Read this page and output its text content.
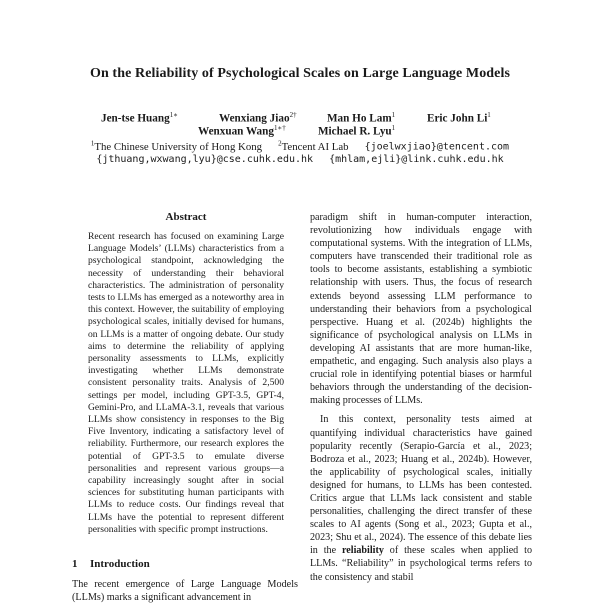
On the Reliability of Psychological Scales on Large Language Models
Jen-tse Huang$^{1∗}$	Wenxiang Jiao$^{2\dagger}$	Man Ho Lam$^1$	Eric John Li$^1$
Wenxuan Wang$^{1∗\dagger}$	Michael R. Lyu$^1$
$^1$The Chinese University of Hong Kong $^2$Tencent AI Lab {joelwxjiao}@tencent.com
{jthuang,wxwang,lyu}@cse.cuhk.edu.hk {mhlam,ejli}@link.cuhk.edu.hk
Abstract
Recent research has focused on examining Large Language Models’ (LLMs) characteristics from a psychological standpoint, acknowledging the necessity of understanding their behavioral characteristics. The administration of personality tests to LLMs has emerged as a noteworthy area in this context. However, the suitability of employing psychological scales, initially devised for humans, on LLMs is a matter of ongoing debate. Our study aims to determine the reliability of applying personality assessments to LLMs, explicitly investigating whether LLMs demonstrate consistent personality traits. Analysis of 2,500 settings per model, including GPT-3.5, GPT-4, Gemini-Pro, and LLaMA-3.1, reveals that various LLMs show consistency in responses to the Big Five Inventory, indicating a satisfactory level of reliability. Furthermore, our research explores the potential of GPT-3.5 to emulate diverse personalities and represent various groups—a capability increasingly sought after in social sciences for substituting human participants with LLMs to reduce costs. Our findings reveal that LLMs have the potential to represent different personalities with specific prompt instructions.
1 Introduction
The recent emergence of Large Language Models (LLMs) marks a significant advancement in

paradigm shift in human-computer interaction, revolutionizing how individuals engage with computational systems. With the integration of LLMs, computers have transcended their traditional role as tools to become assistants, establishing a symbiotic relationship with users. Thus, the focus of research extends beyond assessing LLM performance to understanding their behaviors from a psychological perspective. Huang et al. (2024b) highlights the significance of psychological analysis on LLMs in developing AI assistants that are more human-like, empathetic, and engaging. Such analysis also plays a crucial role in identifying potential biases or harmful behaviors through the understanding of the decision-making processes of LLMs.

In this context, personality tests aimed at quantifying individual characteristics have gained popularity recently (Serapio-García et al., 2023; Bodroza et al., 2023; Huang et al., 2024b). However, the applicability of psychological scales, initially designed for humans, to LLMs has been contested. Critics argue that LLMs lack consistent and stable personalities, challenging the direct transfer of these scales to AI agents (Song et al., 2023; Gupta et al., 2023; Shu et al., 2024). The essence of this debate lies in the reliability of these scales when applied to LLMs. “Reliability” in psychological terms refers to the consistency and stabil
